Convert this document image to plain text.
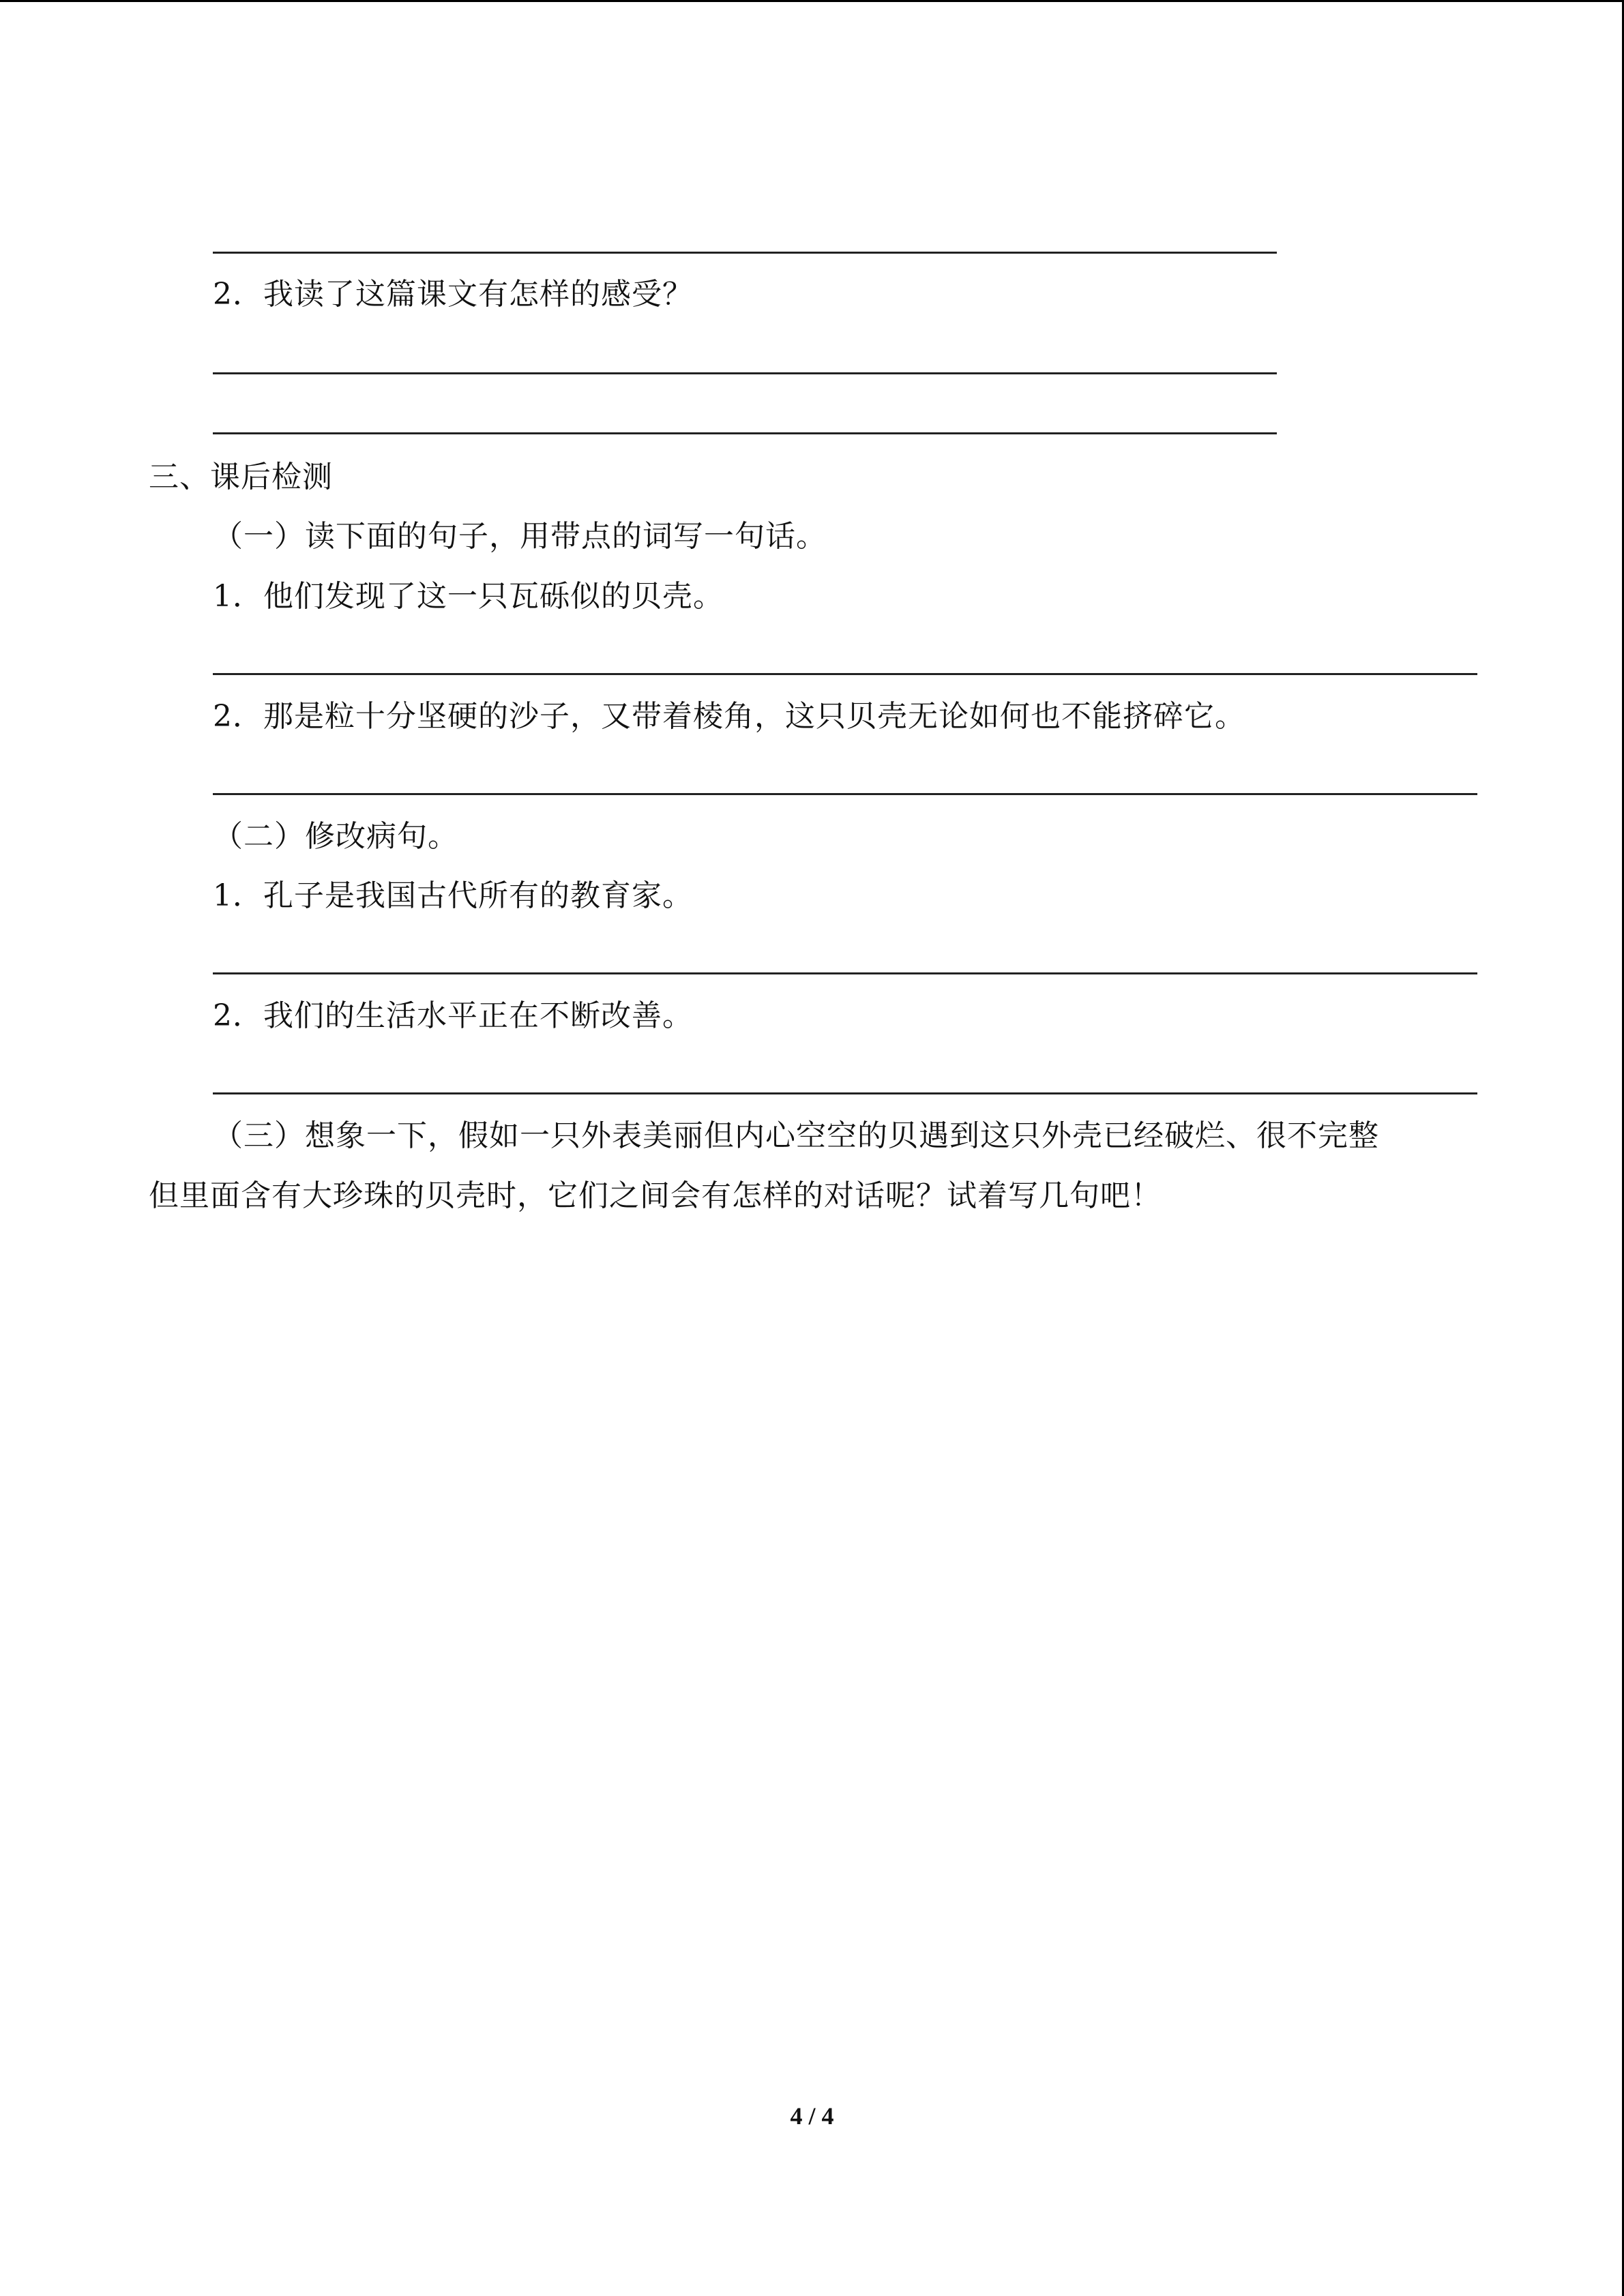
2．我读了这篇课文有怎样的感受？
三、课后检测
（一）读下面的句子，用带点的词写一句话。
1．他们发现了这一只瓦砾似的贝壳。
2．那是粒十分坚硬的沙子，又带着棱角，这只贝壳无论如何也不能挤碎它。
（二）修改病句。
1．孔子是我国古代所有的教育家。
2．我们的生活水平正在不断改善。
（三）想象一下，假如一只外表美丽但内心空空的贝遇到这只外壳已经破烂、很不完整
但里面含有大珍珠的贝壳时，它们之间会有怎样的对话呢？试着写几句吧！
4 / 4
